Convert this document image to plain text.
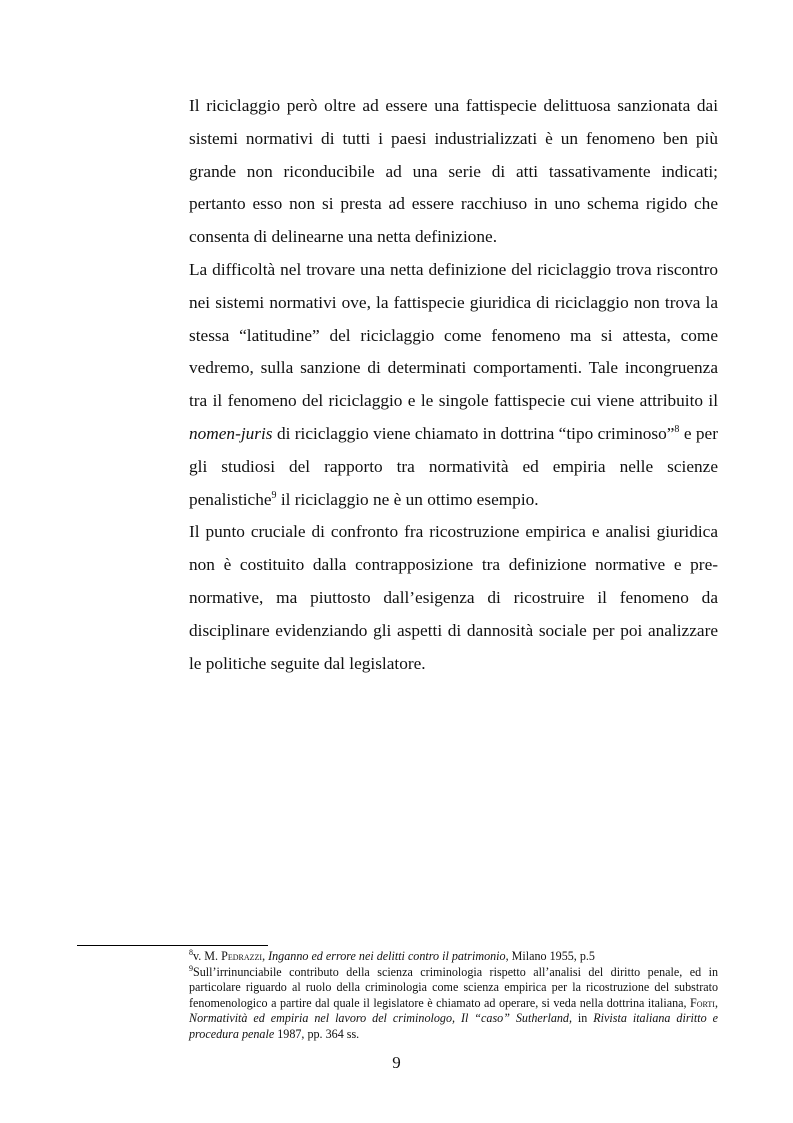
Il riciclaggio però oltre ad essere una fattispecie delittuosa sanzionata dai sistemi normativi di tutti i paesi industrializzati è un fenomeno ben più grande non riconducibile ad una serie di atti tassativamente indicati; pertanto esso non si presta ad essere racchiuso in uno schema rigido che consenta di delinearne una netta definizione.

La difficoltà nel trovare una netta definizione del riciclaggio trova riscontro nei sistemi normativi ove, la fattispecie giuridica di riciclaggio non trova la stessa “latitudine” del riciclaggio come fenomeno ma si attesta, come vedremo, sulla sanzione di determinati comportamenti. Tale incongruenza tra il fenomeno del riciclaggio e le singole fattispecie cui viene attribuito il nomen-juris di riciclaggio viene chiamato in dottrina “tipo criminoso”$^8$ e per gli studiosi del rapporto tra normatività ed empiria nelle scienze penalistiche$^9$ il riciclaggio ne è un ottimo esempio.

Il punto cruciale di confronto fra ricostruzione empirica e analisi giuridica non è costituito dalla contrapposizione tra definizione normative e pre-normative, ma piuttosto dall’esigenza di ricostruire il fenomeno da disciplinare evidenziando gli aspetti di dannosità sociale per poi analizzare le politiche seguite dal legislatore.

$^8$v. M. Pedrazzi, Inganno ed errore nei delitti contro il patrimonio, Milano 1955, p.5

$^9$Sull’irrinunciabile contributo della scienza criminologia rispetto all’analisi del diritto penale, ed in particolare riguardo al ruolo della criminologia come scienza empirica per la ricostruzione del substrato fenomenologico a partire dal quale il legislatore è chiamato ad operare, si veda nella dottrina italiana, Forti, Normatività ed empiria nel lavoro del criminologo, Il “caso” Sutherland, in Rivista italiana diritto e procedura penale 1987, pp. 364 ss.

9
